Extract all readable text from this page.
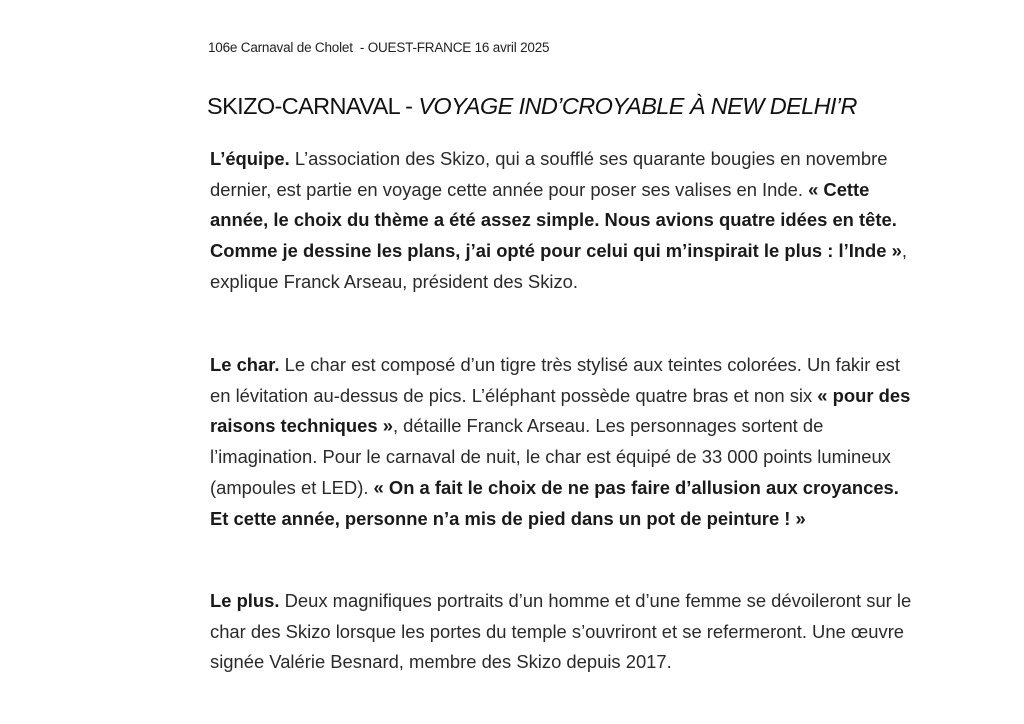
106e Carnaval de Cholet  - OUEST-FRANCE 16 avril 2025
SKIZO-CARNAVAL - VOYAGE IND’CROYABLE À NEW DELHI’R

L’équipe. L’association des Skizo, qui a soufflé ses quarante bougies en novembre dernier, est partie en voyage cette année pour poser ses valises en Inde. « Cette année, le choix du thème a été assez simple. Nous avions quatre idées en tête. Comme je dessine les plans, j’ai opté pour celui qui m’inspirait le plus : l’Inde », explique Franck Arseau, président des Skizo.

Le char. Le char est composé d’un tigre très stylisé aux teintes colorées. Un fakir est en lévitation au-dessus de pics. L’éléphant possède quatre bras et non six « pour des raisons techniques », détaille Franck Arseau. Les personnages sortent de l’imagination. Pour le carnaval de nuit, le char est équipé de 33 000 points lumineux (ampoules et LED). « On a fait le choix de ne pas faire d’allusion aux croyances. Et cette année, personne n’a mis de pied dans un pot de peinture ! »

Le plus. Deux magnifiques portraits d’un homme et d’une femme se dévoileront sur le char des Skizo lorsque les portes du temple s’ouvriront et se refermeront. Une œuvre signée Valérie Besnard, membre des Skizo depuis 2017.
